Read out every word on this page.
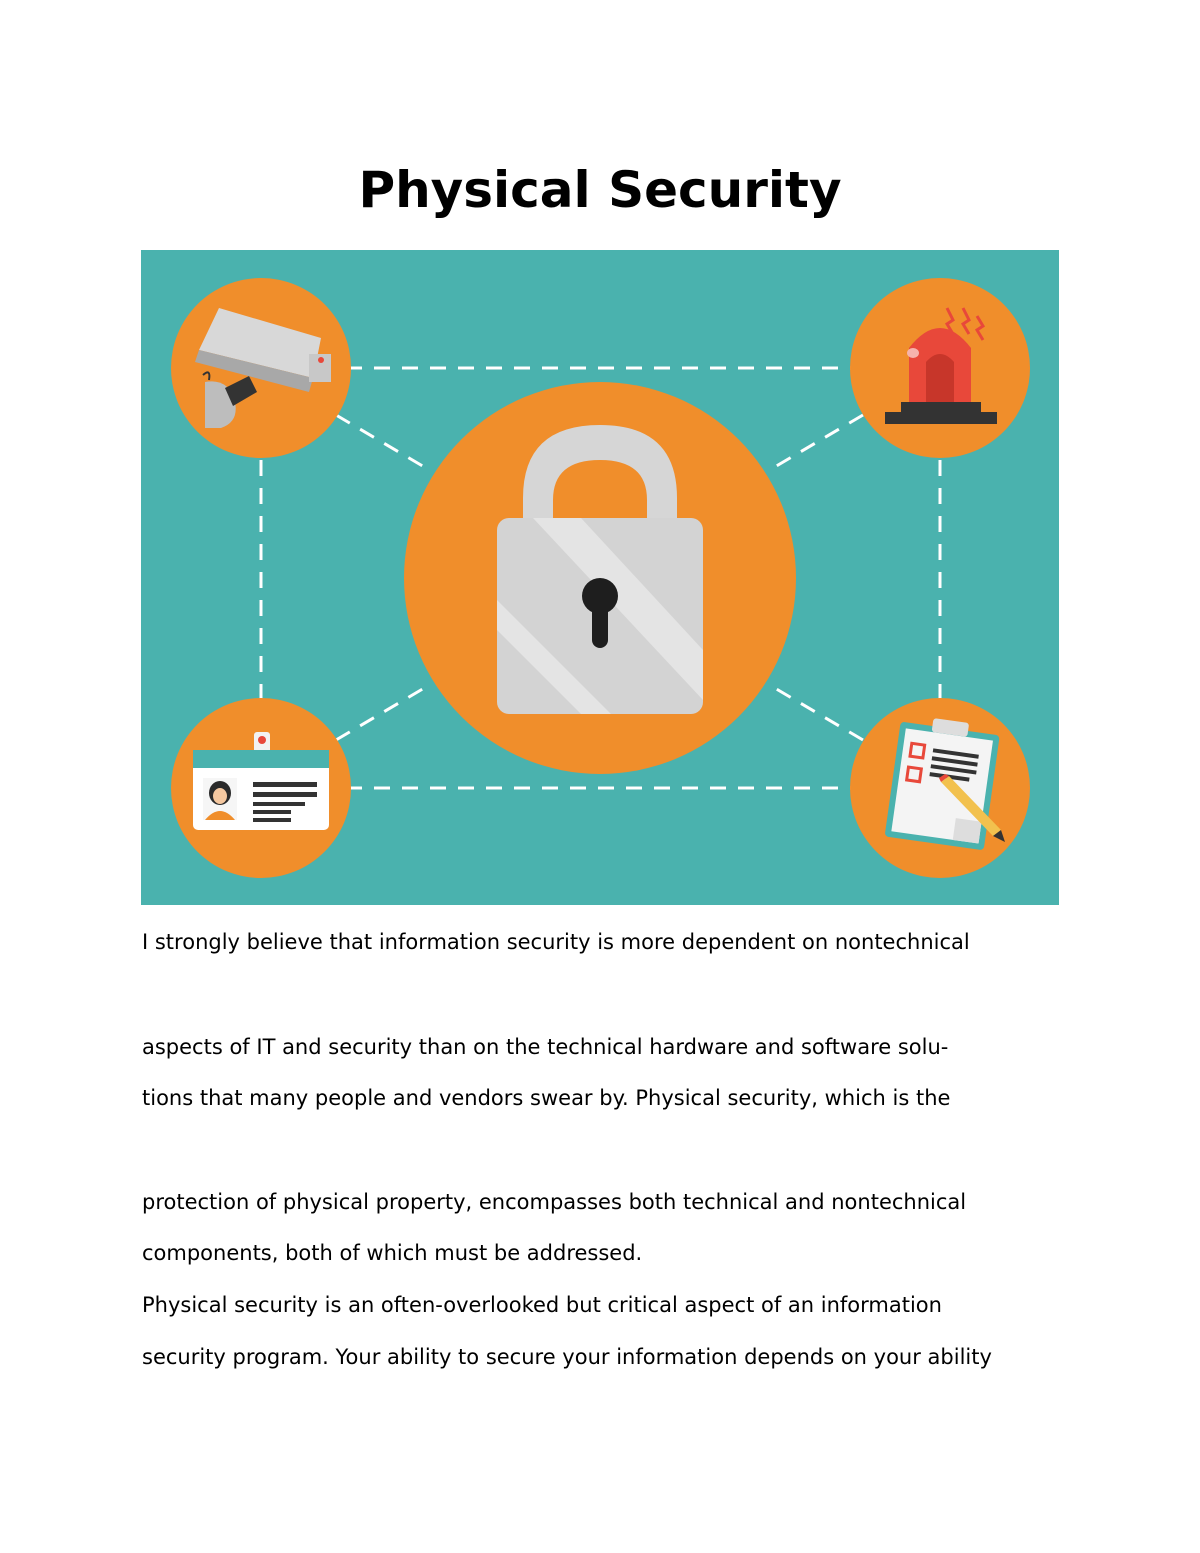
Physical Security

I strongly believe that information security is more dependent on nontechnical

aspects of IT and security than on the technical hardware and software solu-

tions that many people and vendors swear by. Physical security, which is the

protection of physical property, encompasses both technical and nontechnical

components, both of which must be addressed.

Physical security is an often-overlooked but critical aspect of an information

security program. Your ability to secure your information depends on your ability
